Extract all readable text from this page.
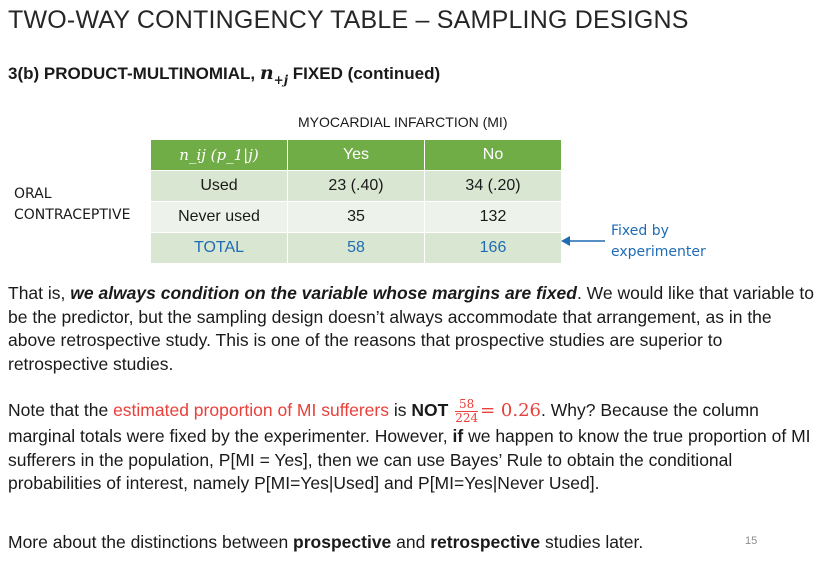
TWO-WAY CONTINGENCY TABLE – SAMPLING DESIGNS
3(b) PRODUCT-MULTINOMIAL, $n_{+j}$ FIXED (continued)
MYOCARDIAL INFARCTION (MI)
ORAL
CONTRACEPTIVE
n_ij (p_1|j)	Yes	No
Used	23 (.40)	34 (.20)
Never used	35	132
TOTAL	58	166
Fixed by
experimenter
That is, we always condition on the variable whose margins are fixed. We would like that variable to be the predictor, but the sampling design doesn’t always accommodate that arrangement, as in the above retrospective study. This is one of the reasons that prospective studies are superior to retrospective studies.
Note that the estimated proportion of MI sufferers is NOT $\frac{58}{224} = 0.26$. Why? Because the column marginal totals were fixed by the experimenter. However, if we happen to know the true proportion of MI sufferers in the population, P[MI = Yes], then we can use Bayes’ Rule to obtain the conditional probabilities of interest, namely P[MI=Yes|Used] and P[MI=Yes|Never Used].
More about the distinctions between prospective and retrospective studies later.	15
